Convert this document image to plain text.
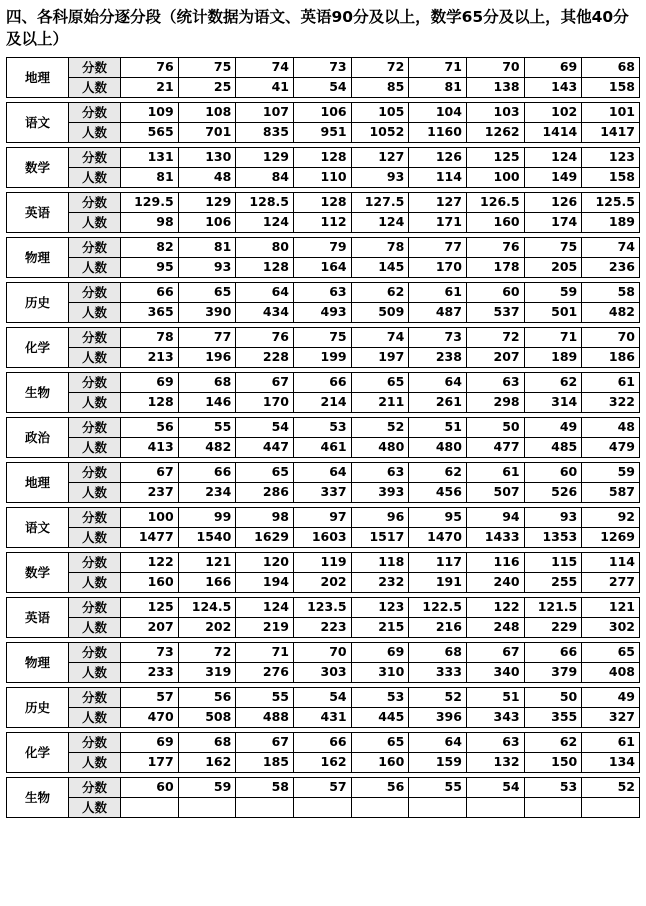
四、各科原始分逐分段（统计数据为语文、英语90分及以上，数学65分及以上，其他40分及以上）
地理	分数	76	75	74	73	72	71	70	69	68
	人数	21	25	41	54	85	81	138	143	158

语文	分数	109	108	107	106	105	104	103	102	101
	人数	565	701	835	951	1052	1160	1262	1414	1417

数学	分数	131	130	129	128	127	126	125	124	123
	人数	81	48	84	110	93	114	100	149	158

英语	分数	129.5	129	128.5	128	127.5	127	126.5	126	125.5
	人数	98	106	124	112	124	171	160	174	189

物理	分数	82	81	80	79	78	77	76	75	74
	人数	95	93	128	164	145	170	178	205	236

历史	分数	66	65	64	63	62	61	60	59	58
	人数	365	390	434	493	509	487	537	501	482

化学	分数	78	77	76	75	74	73	72	71	70
	人数	213	196	228	199	197	238	207	189	186

生物	分数	69	68	67	66	65	64	63	62	61
	人数	128	146	170	214	211	261	298	314	322

政治	分数	56	55	54	53	52	51	50	49	48
	人数	413	482	447	461	480	480	477	485	479

地理	分数	67	66	65	64	63	62	61	60	59
	人数	237	234	286	337	393	456	507	526	587

语文	分数	100	99	98	97	96	95	94	93	92
	人数	1477	1540	1629	1603	1517	1470	1433	1353	1269

数学	分数	122	121	120	119	118	117	116	115	114
	人数	160	166	194	202	232	191	240	255	277

英语	分数	125	124.5	124	123.5	123	122.5	122	121.5	121
	人数	207	202	219	223	215	216	248	229	302

物理	分数	73	72	71	70	69	68	67	66	65
	人数	233	319	276	303	310	333	340	379	408

历史	分数	57	56	55	54	53	52	51	50	49
	人数	470	508	488	431	445	396	343	355	327

化学	分数	69	68	67	66	65	64	63	62	61
	人数	177	162	185	162	160	159	132	150	134

生物	分数	60	59	58	57	56	55	54	53	52
	人数									
